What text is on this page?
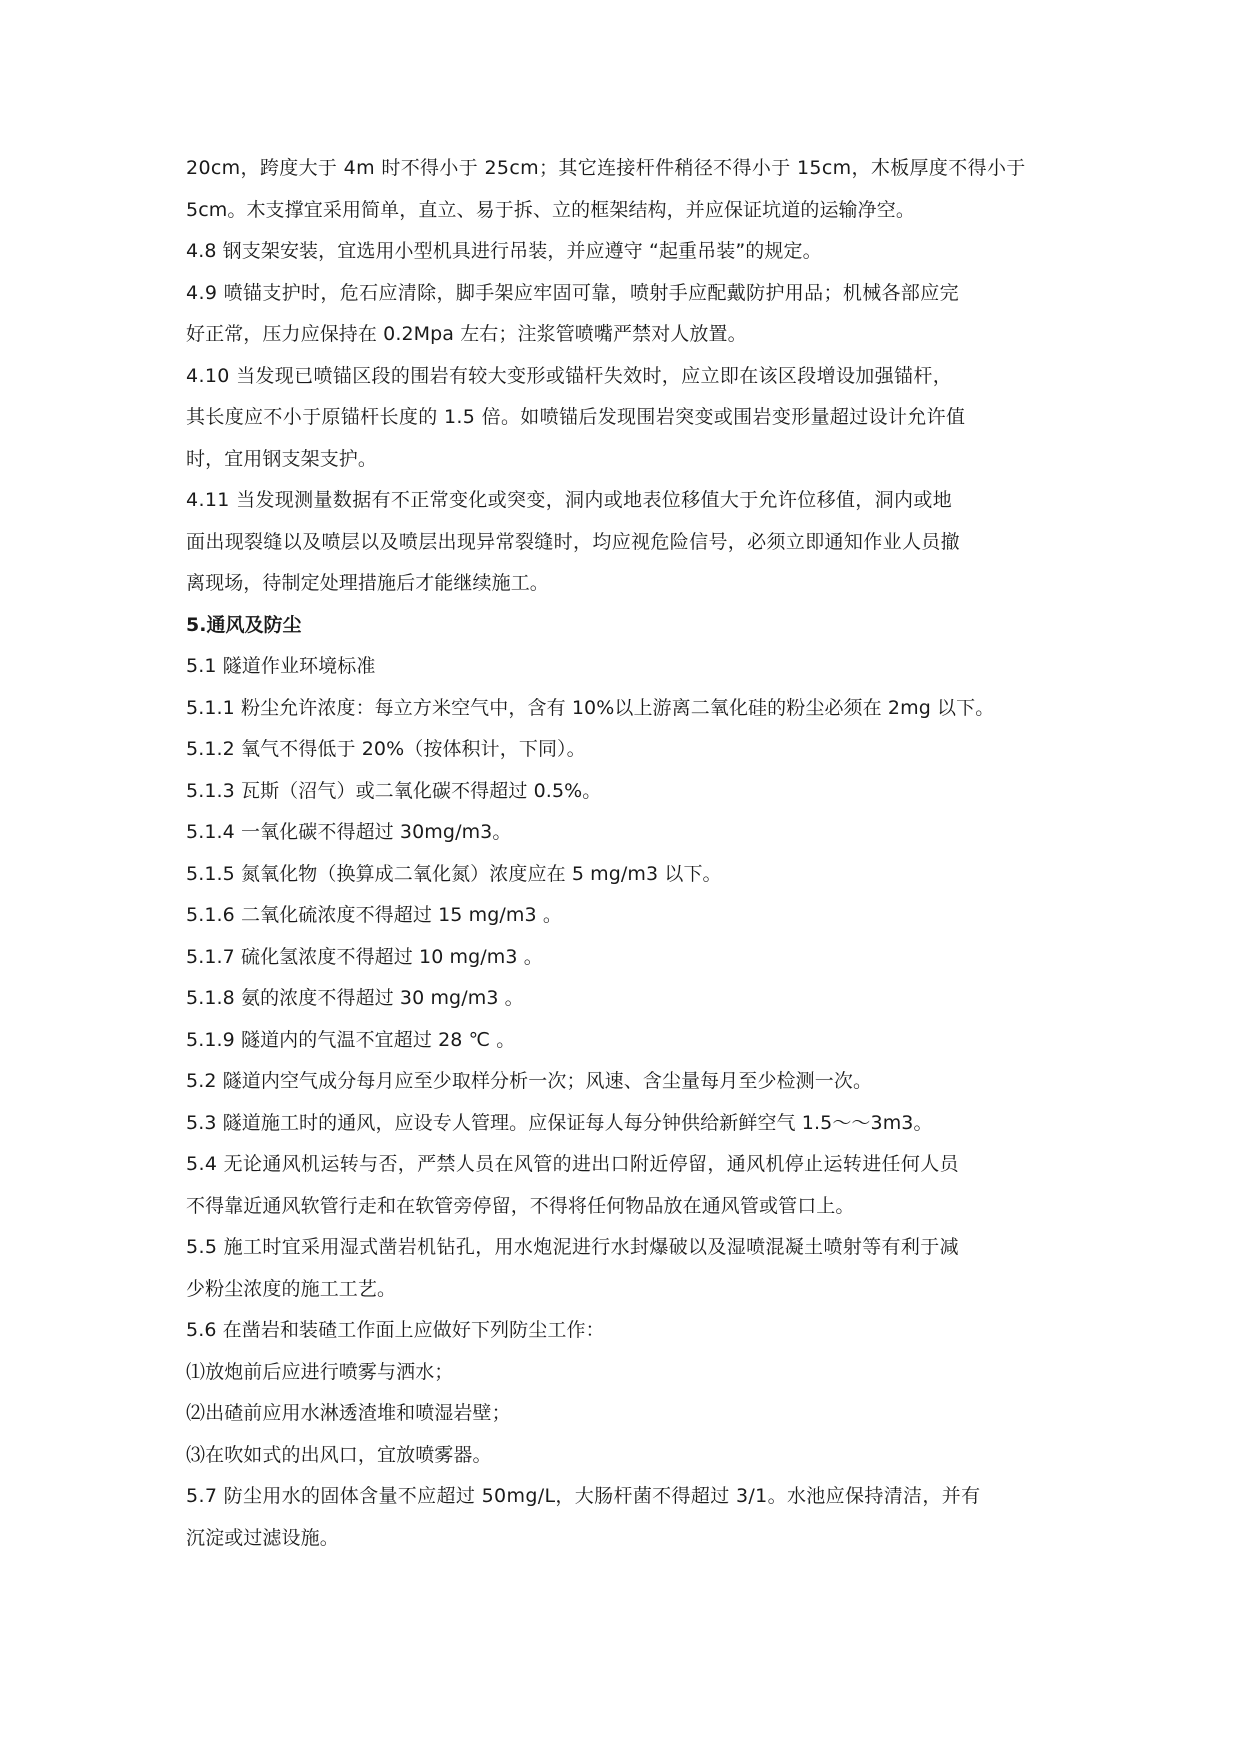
20cm，跨度大于 4m 时不得小于 25cm；其它连接杆件稍径不得小于 15cm，木板厚度不得小于
5cm。木支撑宜采用简单，直立、易于拆、立的框架结构，并应保证坑道的运输净空。
4.8 钢支架安装，宜选用小型机具进行吊装，并应遵守 “起重吊装”的规定。
4.9 喷锚支护时，危石应清除，脚手架应牢固可靠，喷射手应配戴防护用品；机械各部应完
好正常，压力应保持在 0.2Mpa 左右；注浆管喷嘴严禁对人放置。
4.10 当发现已喷锚区段的围岩有较大变形或锚杆失效时，应立即在该区段增设加强锚杆，
其长度应不小于原锚杆长度的 1.5 倍。如喷锚后发现围岩突变或围岩变形量超过设计允许值
时，宜用钢支架支护。
4.11 当发现测量数据有不正常变化或突变，洞内或地表位移值大于允许位移值，洞内或地
面出现裂缝以及喷层以及喷层出现异常裂缝时，均应视危险信号，必须立即通知作业人员撤
离现场，待制定处理措施后才能继续施工。
5.通风及防尘
5.1 隧道作业环境标准
5.1.1 粉尘允许浓度：每立方米空气中，含有 10%以上游离二氧化硅的粉尘必须在 2mg 以下。
5.1.2 氧气不得低于 20%（按体积计，下同）。
5.1.3 瓦斯（沼气）或二氧化碳不得超过 0.5%。
5.1.4 一氧化碳不得超过 30mg/m3。
5.1.5 氮氧化物（换算成二氧化氮）浓度应在 5 mg/m3 以下。
5.1.6 二氧化硫浓度不得超过 15 mg/m3 。
5.1.7 硫化氢浓度不得超过 10 mg/m3 。
5.1.8 氨的浓度不得超过 30 mg/m3 。
5.1.9 隧道内的气温不宜超过 28 ℃ 。
5.2 隧道内空气成分每月应至少取样分析一次；风速、含尘量每月至少检测一次。
5.3 隧道施工时的通风，应设专人管理。应保证每人每分钟供给新鲜空气 1.5～～3m3。
5.4 无论通风机运转与否，严禁人员在风管的进出口附近停留，通风机停止运转进任何人员
不得靠近通风软管行走和在软管旁停留，不得将任何物品放在通风管或管口上。
5.5 施工时宜采用湿式凿岩机钻孔，用水炮泥进行水封爆破以及湿喷混凝土喷射等有利于减
少粉尘浓度的施工工艺。
5.6 在凿岩和装碴工作面上应做好下列防尘工作：
⑴放炮前后应进行喷雾与洒水；
⑵出碴前应用水淋透渣堆和喷湿岩壁；
⑶在吹如式的出风口，宜放喷雾器。
5.7 防尘用水的固体含量不应超过 50mg/L，大肠杆菌不得超过 3/1。水池应保持清洁，并有
沉淀或过滤设施。
